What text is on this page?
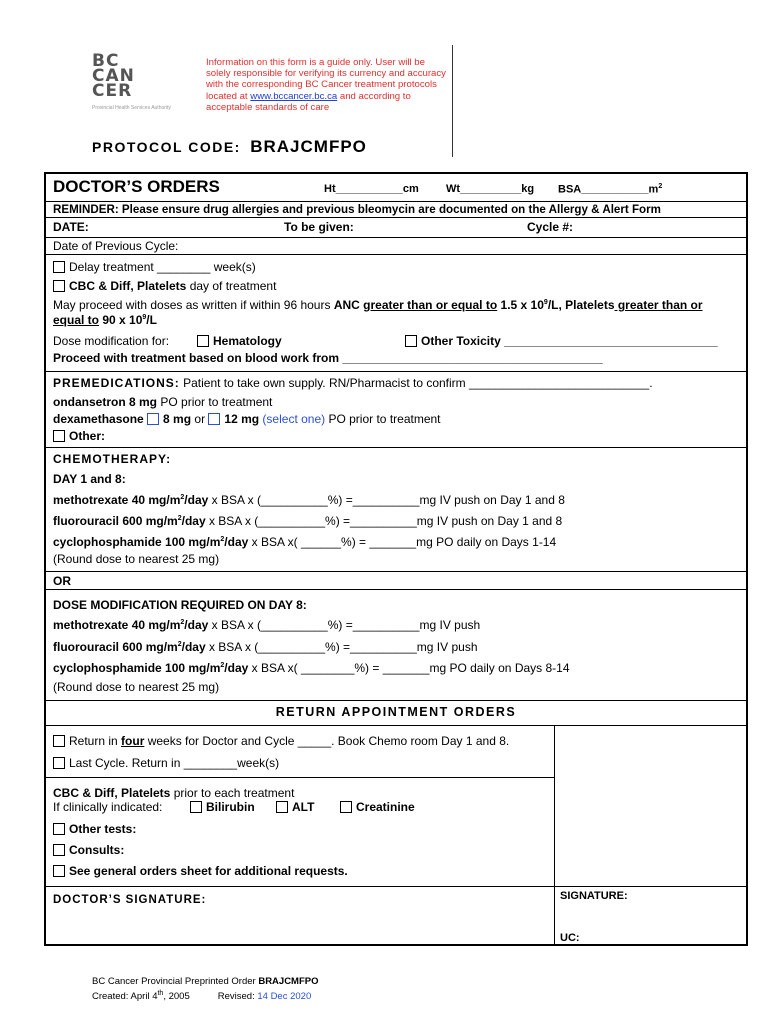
BC
CAN
CER
Provincial Health Services Authority
Information on this form is a guide only. User will be solely responsible for verifying its currency and accuracy with the corresponding BC Cancer treatment protocols located at www.bccancer.bc.ca and according to acceptable standards of care
PROTOCOL CODE: BRAJCMFPO
DOCTOR’S ORDERS	Ht___________cm Wt__________kg $BSA\_\_\_\_\_\_\_\_\_\_\_m^2$
REMINDER: Please ensure drug allergies and previous bleomycin are documented on the Allergy & Alert Form
DATE:	To be given:	Cycle #:
Date of Previous Cycle:
Delay treatment ________ week(s)
CBC & Diff, Platelets day of treatment
May proceed with doses as written if within 96 hours ANC greater than or equal to 1.5 x $10^9/L$, Platelets greater than or
equal to 90 x $10^9/L$
Dose modification for:	Hematology	Other Toxicity ________________________________
Proceed with treatment based on blood work from _______________________________________
PREMEDICATIONS: Patient to take own supply. RN/Pharmacist to confirm ___________________________.
ondansetron 8 mg PO prior to treatment
dexamethasone 8 mg or 12 mg (select one) PO prior to treatment
Other:
CHEMOTHERAPY:
DAY 1 and 8:
methotrexate 40 $mg/m^2$/day x BSA x (__________%) =__________mg IV push on Day 1 and 8
fluorouracil 600 $mg/m^2$/day x BSA x (__________%) =__________mg IV push on Day 1 and 8
cyclophosphamide 100 $mg/m^2$/day x BSA x( ______%) = _______mg PO daily on Days 1-14
(Round dose to nearest 25 mg)
OR
DOSE MODIFICATION REQUIRED ON DAY 8:
methotrexate 40 $mg/m^2$/day x BSA x (__________%) =__________mg IV push
fluorouracil 600 $mg/m^2$/day x BSA x (__________%) =__________mg IV push
cyclophosphamide 100 $mg/m^2$/day x BSA x( ________%) = _______mg PO daily on Days 8-14
(Round dose to nearest 25 mg)
RETURN APPOINTMENT ORDERS
Return in four weeks for Doctor and Cycle _____. Book Chemo room Day 1 and 8.
Last Cycle. Return in ________week(s)
CBC & Diff, Platelets prior to each treatment
If clinically indicated:	Bilirubin	ALT	Creatinine
Other tests:
Consults:
See general orders sheet for additional requests.
DOCTOR’S SIGNATURE:	SIGNATURE:
UC:
BC Cancer Provincial Preprinted Order BRAJCMFPO
Created: April 4th, 2005	Revised: 14 Dec 2020
